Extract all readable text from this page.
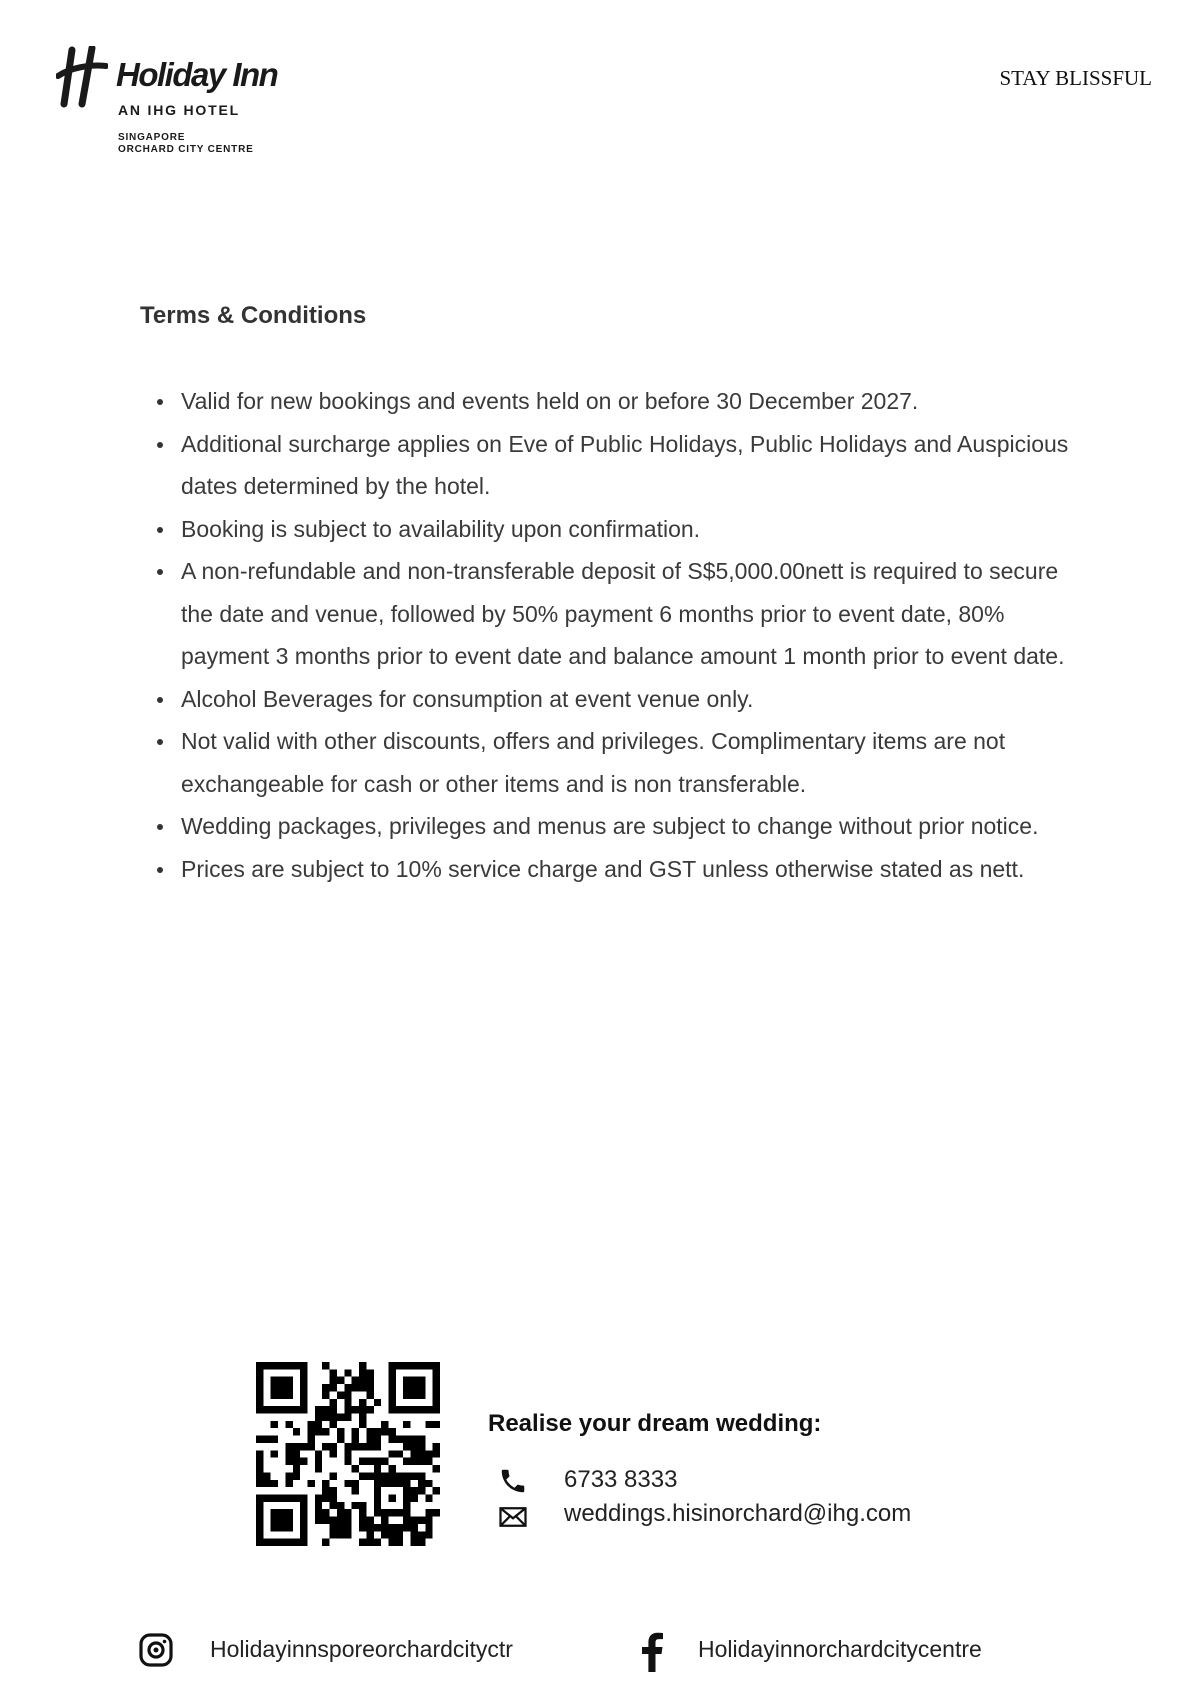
Holiday Inn
AN IHG HOTEL
SINGAPORE
ORCHARD CITY CENTRE
STAY BLISSFUL
Terms & Conditions
Valid for new bookings and events held on or before 30 December 2027.
Additional surcharge applies on Eve of Public Holidays, Public Holidays and Auspicious dates determined by the hotel.
Booking is subject to availability upon confirmation.
A non-refundable and non-transferable deposit of S$5,000.00nett is required to secure the date and venue, followed by 50% payment 6 months prior to event date, 80% payment 3 months prior to event date and balance amount 1 month prior to event date.
Alcohol Beverages for consumption at event venue only.
Not valid with other discounts, offers and privileges. Complimentary items are not exchangeable for cash or other items and is non transferable.
Wedding packages, privileges and menus are subject to change without prior notice.
Prices are subject to 10% service charge and GST unless otherwise stated as nett.
Realise your dream wedding:
6733 8333
weddings.hisinorchard@ihg.com
Holidayinnsporeorchardcityctr	Holidayinnorchardcitycentre
